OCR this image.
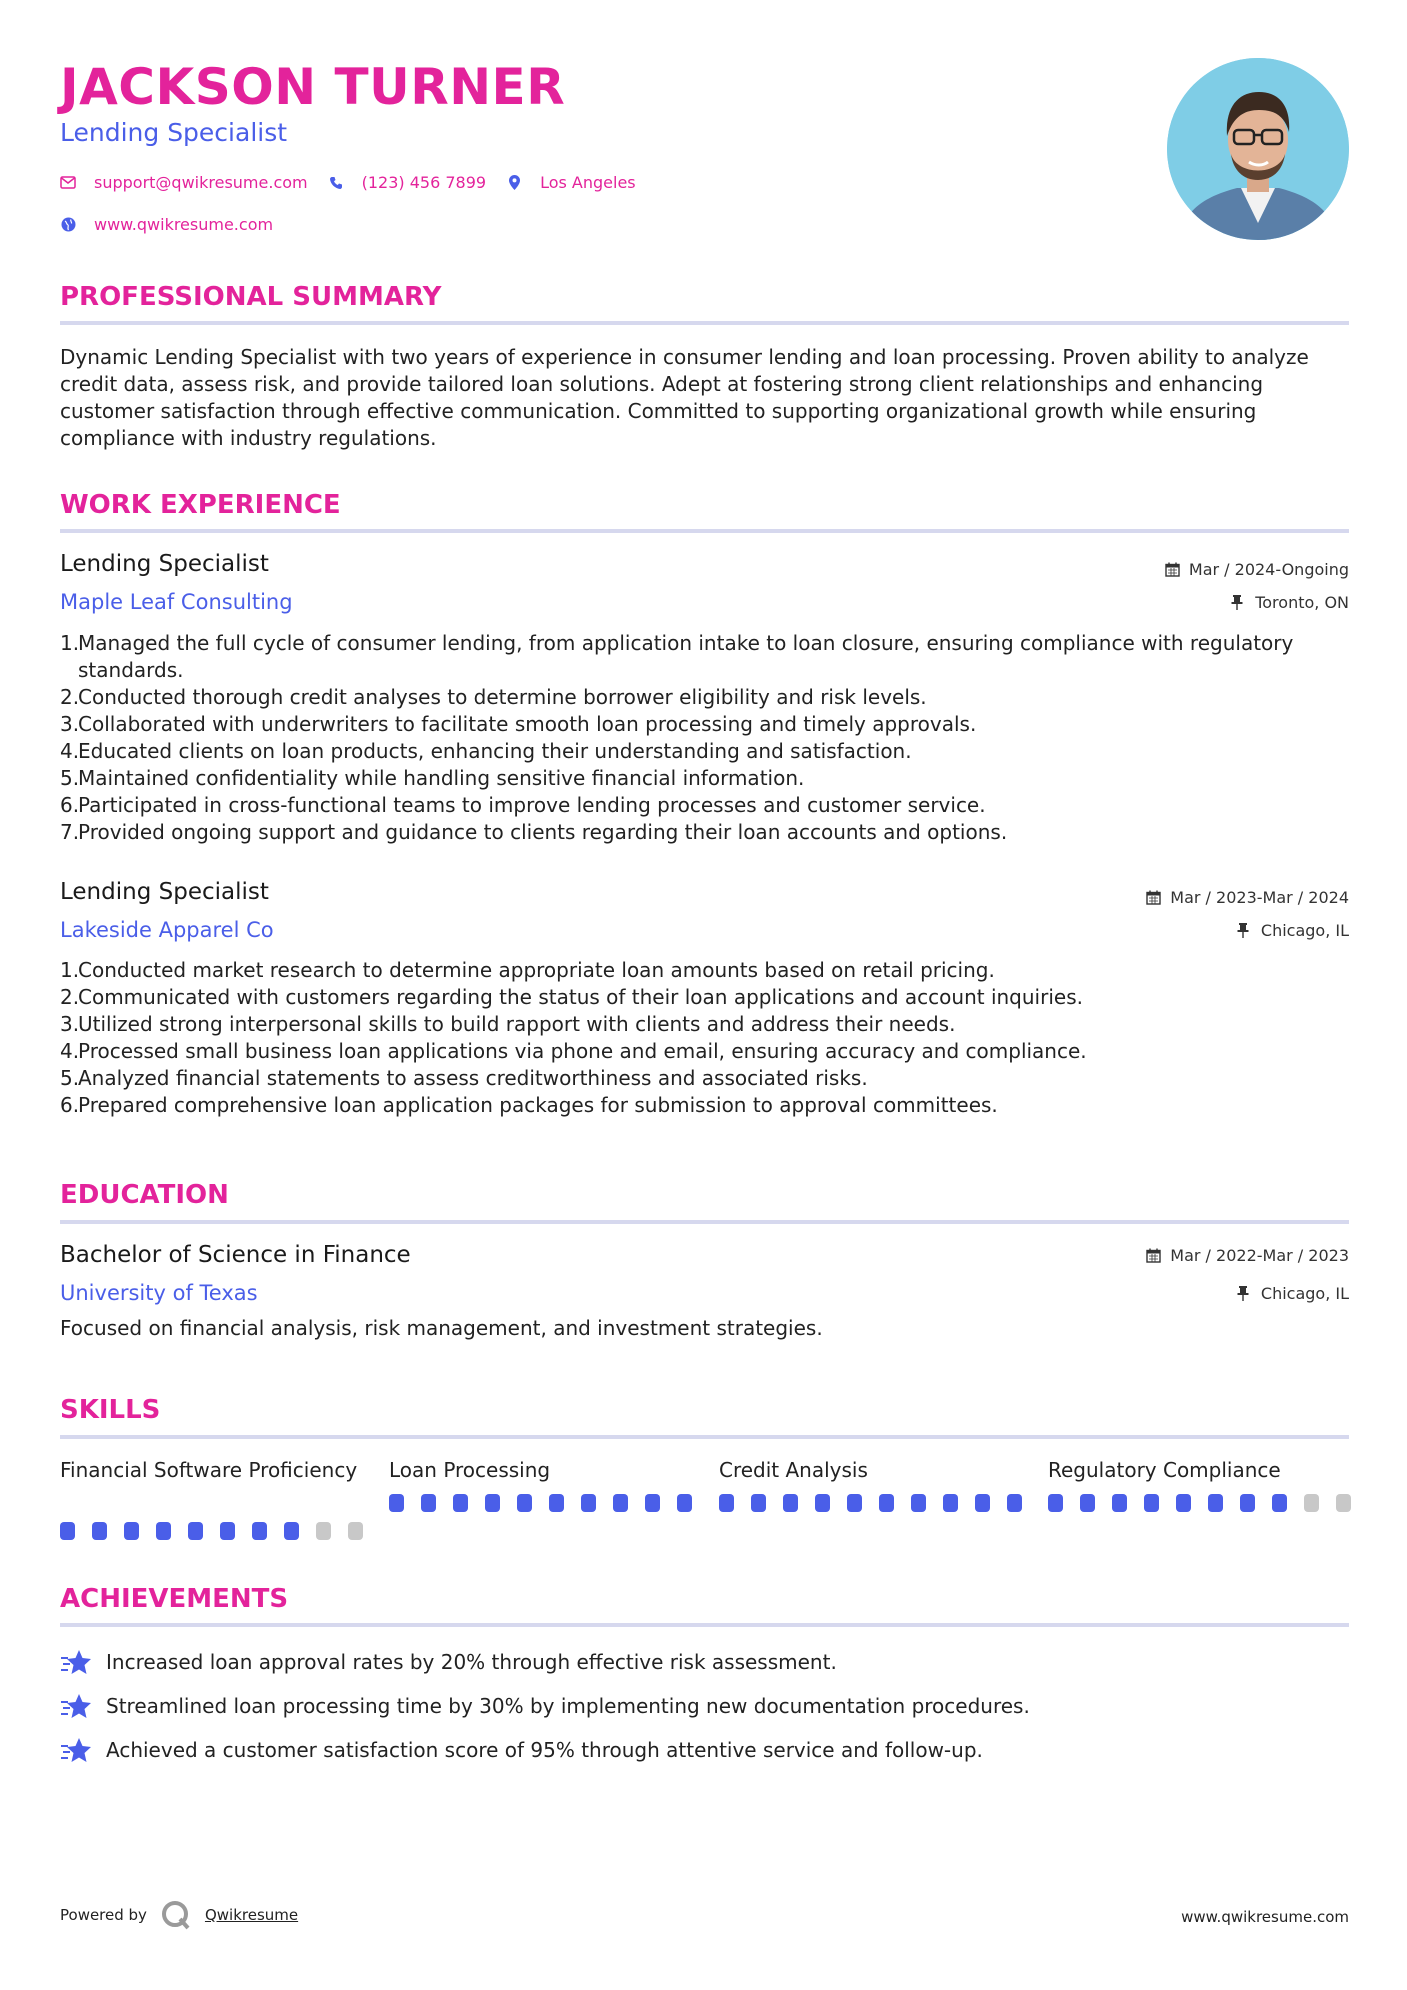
JACKSON TURNER
Lending Specialist
support@qwikresume.com	(123) 456 7899	Los Angeles
www.qwikresume.com
PROFESSIONAL SUMMARY
Dynamic Lending Specialist with two years of experience in consumer lending and loan processing. Proven ability to analyze credit data, assess risk, and provide tailored loan solutions. Adept at fostering strong client relationships and enhancing customer satisfaction through effective communication. Committed to supporting organizational growth while ensuring compliance with industry regulations.
WORK EXPERIENCE
Lending Specialist
Maple Leaf Consulting
Mar / 2024-Ongoing
Toronto, ON
1.
Managed the full cycle of consumer lending, from application intake to loan closure, ensuring compliance with regulatory standards.
2.
Conducted thorough credit analyses to determine borrower eligibility and risk levels.
3.
Collaborated with underwriters to facilitate smooth loan processing and timely approvals.
4.
Educated clients on loan products, enhancing their understanding and satisfaction.
5.
Maintained confidentiality while handling sensitive financial information.
6.
Participated in cross-functional teams to improve lending processes and customer service.
7.
Provided ongoing support and guidance to clients regarding their loan accounts and options.
Lending Specialist
Lakeside Apparel Co
Mar / 2023-Mar / 2024
Chicago, IL
1.
Conducted market research to determine appropriate loan amounts based on retail pricing.
2.
Communicated with customers regarding the status of their loan applications and account inquiries.
3.
Utilized strong interpersonal skills to build rapport with clients and address their needs.
4.
Processed small business loan applications via phone and email, ensuring accuracy and compliance.
5.
Analyzed financial statements to assess creditworthiness and associated risks.
6.
Prepared comprehensive loan application packages for submission to approval committees.
EDUCATION
Bachelor of Science in Finance
University of Texas
Mar / 2022-Mar / 2023
Chicago, IL
Focused on financial analysis, risk management, and investment strategies.
SKILLS
Financial Software Proficiency Loan Processing	Credit Analysis	Regulatory Compliance
ACHIEVEMENTS
Increased loan approval rates by 20% through effective risk assessment.
Streamlined loan processing time by 30% by implementing new documentation procedures.
Achieved a customer satisfaction score of 95% through attentive service and follow-up.
Powered by	Qwikresume	www.qwikresume.com
